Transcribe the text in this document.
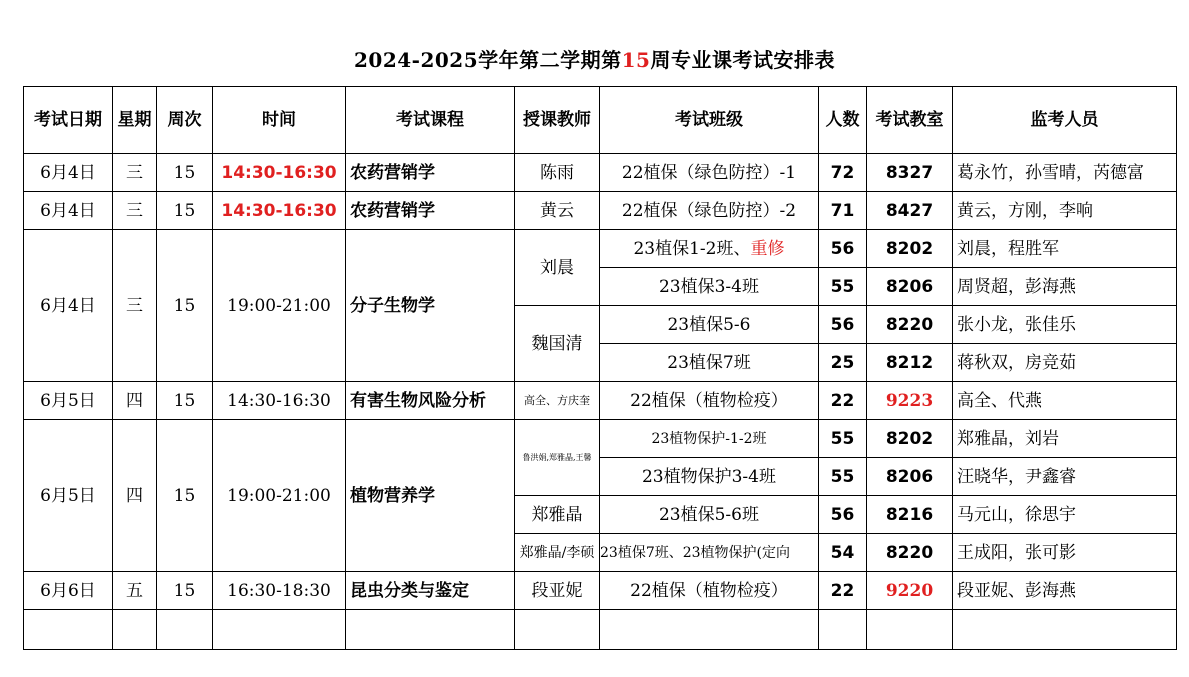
2024-2025学年第二学期第15周专业课考试安排表
考试日期	星期	周次	时间	考试课程	授课教师	考试班级	人数	考试教室	监考人员
6月4日	三	15	14:30-16:30	农药营销学	陈雨	22植保（绿色防控）-1	72	8327	葛永竹，孙雪晴，芮德富
6月4日	三	15	14:30-16:30	农药营销学	黄云	22植保（绿色防控）-2	71	8427	黄云，方刚，李响
6月4日	三	15	19:00-21:00	分子生物学	刘晨	23植保1-2班、重修	56	8202	刘晨，程胜军
						23植保3-4班	55	8206	周贤超，彭海燕
					魏国清	23植保5-6	56	8220	张小龙，张佳乐
						23植保7班	25	8212	蒋秋双，房竞茹
6月5日	四	15	14:30-16:30	有害生物风险分析	高全、方庆奎	22植保（植物检疫）	22	9223	高全、代燕
6月5日	四	15	19:00-21:00	植物营养学	鲁洪娟,郑雅晶,王馨	23植物保护-1-2班	55	8202	郑雅晶，刘岩
						23植物保护3-4班	55	8206	汪晓华，尹鑫睿
					郑雅晶	23植保5-6班	56	8216	马元山，徐思宇
					郑雅晶/李硕	23植保7班、23植物保护(定向	54	8220	王成阳，张可影
6月6日	五	15	16:30-18:30	昆虫分类与鉴定	段亚妮	22植保（植物检疫）	22	9220	段亚妮、彭海燕
